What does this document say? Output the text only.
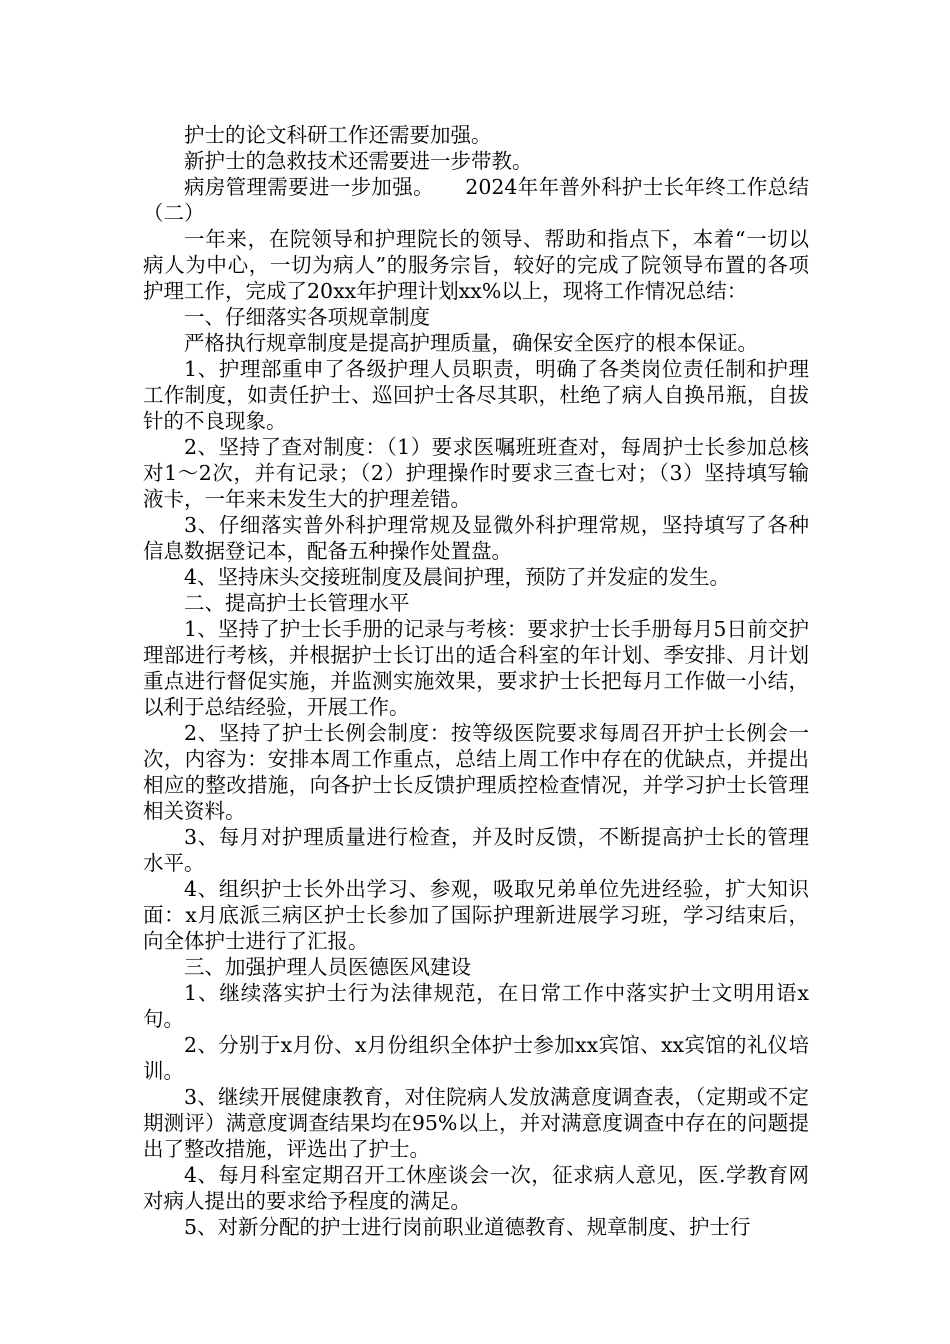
护士的论文科研工作还需要加强。

新护士的急救技术还需要进一步带教。

病房管理需要进一步加强。　　2024年年普外科护士长年终工作总结（二）

一年来，在院领导和护理院长的领导、帮助和指点下，本着“一切以病人为中心，一切为病人”的服务宗旨，较好的完成了院领导布置的各项护理工作，完成了20xx年护理计划xx%以上，现将工作情况总结：

一、仔细落实各项规章制度

严格执行规章制度是提高护理质量，确保安全医疗的根本保证。

1、护理部重申了各级护理人员职责，明确了各类岗位责任制和护理工作制度，如责任护士、巡回护士各尽其职，杜绝了病人自换吊瓶，自拔针的不良现象。

2、坚持了查对制度：（1）要求医嘱班班查对，每周护士长参加总核对1～2次，并有记录；（2）护理操作时要求三查七对；（3）坚持填写输液卡，一年来未发生大的护理差错。

3、仔细落实普外科护理常规及显微外科护理常规，坚持填写了各种信息数据登记本，配备五种操作处置盘。

4、坚持床头交接班制度及晨间护理，预防了并发症的发生。

二、提高护士长管理水平

1、坚持了护士长手册的记录与考核：要求护士长手册每月5日前交护理部进行考核，并根据护士长订出的适合科室的年计划、季安排、月计划重点进行督促实施，并监测实施效果，要求护士长把每月工作做一小结，以利于总结经验，开展工作。

2、坚持了护士长例会制度：按等级医院要求每周召开护士长例会一次，内容为：安排本周工作重点，总结上周工作中存在的优缺点，并提出相应的整改措施，向各护士长反馈护理质控检查情况，并学习护士长管理相关资料。

3、每月对护理质量进行检查，并及时反馈，不断提高护士长的管理水平。

4、组织护士长外出学习、参观，吸取兄弟单位先进经验，扩大知识面：x月底派三病区护士长参加了国际护理新进展学习班，学习结束后，向全体护士进行了汇报。

三、加强护理人员医德医风建设

1、继续落实护士行为法律规范，在日常工作中落实护士文明用语x句。

2、分别于x月份、x月份组织全体护士参加xx宾馆、xx宾馆的礼仪培训。

3、继续开展健康教育，对住院病人发放满意度调查表，（定期或不定期测评）满意度调查结果均在95%以上，并对满意度调查中存在的问题提出了整改措施，评选出了护士。

4、每月科室定期召开工休座谈会一次，征求病人意见，医.学教育网对病人提出的要求给予程度的满足。

5、对新分配的护士进行岗前职业道德教育、规章制度、护士行
